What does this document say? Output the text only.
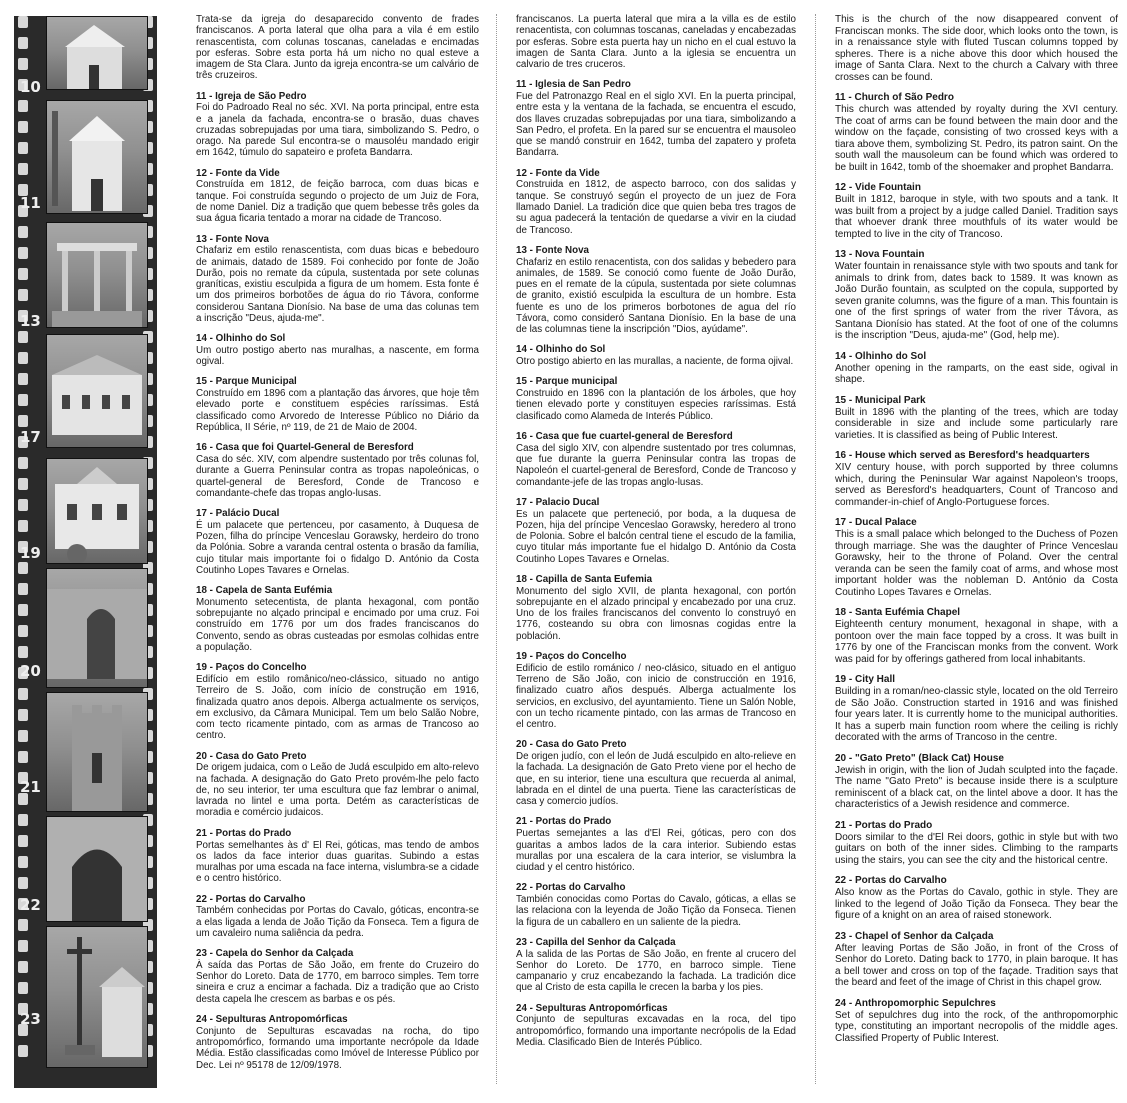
10
11
13
17
19
20
21
22
23
Trata-se da igreja do desaparecido convento de frades franciscanos. A porta lateral que olha para a vila é em estilo renascentista, com colunas toscanas, caneladas e encimadas por esferas. Sobre esta porta há um nicho no qual esteve a imagem de Sta Clara. Junto da igreja encontra-se um calvário de três cruzeiros.
11 - Igreja de São Pedro
Foi do Padroado Real no séc. XVI. Na porta principal, entre esta e a janela da fachada, encontra-se o brasão, duas chaves cruzadas sobrepujadas por uma tiara, simbolizando S. Pedro, o orago. Na parede Sul encontra-se o mausoléu mandado erigir em 1642, túmulo do sapateiro e profeta Bandarra.
12 - Fonte da Vide
Construída em 1812, de feição barroca, com duas bicas e tanque. Foi construída segundo o projecto de um Juiz de Fora, de nome Daniel. Diz a tradição que quem bebesse três goles da sua água ficaria tentado a morar na cidade de Trancoso.
13 - Fonte Nova
Chafariz em estilo renascentista, com duas bicas e bebedouro de animais, datado de 1589. Foi conhecido por fonte de João Durão, pois no remate da cúpula, sustentada por sete colunas graníticas, existiu esculpida a figura de um homem. Esta fonte é um dos primeiros borbotões de água do rio Távora, conforme considerou Santana Dionísio. Na base de uma das colunas tem a inscrição "Deus, ajuda-me".
14 - Olhinho do Sol
Um outro postigo aberto nas muralhas, a nascente, em forma ogival.
15 - Parque Municipal
Construído em 1896 com a plantação das árvores, que hoje têm elevado porte e constituem espécies raríssimas. Está classificado como Arvoredo de Interesse Público no Diário da República, II Série, nº 119, de 21 de Maio de 2004.
16 - Casa que foi Quartel-General de Beresford
Casa do séc. XIV, com alpendre sustentado por três colunas fol, durante a Guerra Peninsular contra as tropas napoleónicas, o quartel-general de Beresford, Conde de Trancoso e comandante-chefe das tropas anglo-lusas.
17 - Palácio Ducal
É um palacete que pertenceu, por casamento, à Duquesa de Pozen, filha do príncipe Venceslau Gorawsky, herdeiro do trono da Polónia. Sobre a varanda central ostenta o brasão da família, cujo titular mais importante foi o fidalgo D. António da Costa Coutinho Lopes Tavares e Ornelas.
18 - Capela de Santa Eufémia
Monumento setecentista, de planta hexagonal, com pontão sobrepujante no alçado principal e encimado por uma cruz. Foi construído em 1776 por um dos frades franciscanos do Convento, sendo as obras custeadas por esmolas colhidas entre a população.
19 - Paços do Concelho
Edifício em estilo românico/neo-clássico, situado no antigo Terreiro de S. João, com início de construção em 1916, finalizada quatro anos depois. Alberga actualmente os serviços, em exclusivo, da Câmara Municipal. Tem um belo Salão Nobre, com tecto ricamente pintado, com as armas de Trancoso ao centro.
20 - Casa do Gato Preto
De origem judaica, com o Leão de Judá esculpido em alto-relevo na fachada. A designação do Gato Preto provém-lhe pelo facto de, no seu interior, ter uma escultura que faz lembrar o animal, lavrada no lintel e uma porta. Detém as características de moradia e comércio judaicos.
21 - Portas do Prado
Portas semelhantes às d' El Rei, góticas, mas tendo de ambos os lados da face interior duas guaritas. Subindo a estas muralhas por uma escada na face interna, vislumbra-se a cidade e o centro histórico.
22 - Portas do Carvalho
Também conhecidas por Portas do Cavalo, góticas, encontra-se a elas ligada a lenda de João Tição da Fonseca. Tem a figura de um cavaleiro numa saliência da pedra.
23 - Capela do Senhor da Calçada
À saída das Portas de São João, em frente do Cruzeiro do Senhor do Loreto. Data de 1770, em barroco simples. Tem torre sineira e cruz a encimar a fachada. Diz a tradição que ao Cristo desta capela lhe crescem as barbas e os pés.
24 - Sepulturas Antropomórficas
Conjunto de Sepulturas escavadas na rocha, do tipo antropomórfico, formando uma importante necrópole da Idade Média. Estão classificadas como Imóvel de Interesse Público por Dec. Lei nº 95178 de 12/09/1978.
franciscanos. La puerta lateral que mira a la villa es de estilo renacentista, con columnas toscanas, caneladas y encabezadas por esferas. Sobre esta puerta hay un nicho en el cual estuvo la imagen de Santa Clara. Junto a la iglesia se encuentra un calvario de tres cruceros.
11 - Iglesia de San Pedro
Fue del Patronazgo Real en el siglo XVI. En la puerta principal, entre esta y la ventana de la fachada, se encuentra el escudo, dos llaves cruzadas sobrepujadas por una tiara, simbolizando a San Pedro, el profeta. En la pared sur se encuentra el mausoleo que se mandó construir en 1642, tumba del zapatero y profeta Bandarra.
12 - Fonte da Vide
Construida en 1812, de aspecto barroco, con dos salidas y tanque. Se construyó según el proyecto de un juez de Fora llamado Daniel. La tradición dice que quien beba tres tragos de su agua padecerá la tentación de quedarse a vivir en la ciudad de Trancoso.
13 - Fonte Nova
Chafariz en estilo renacentista, con dos salidas y bebedero para animales, de 1589. Se conoció como fuente de João Durão, pues en el remate de la cúpula, sustentada por siete columnas de granito, existió esculpida la escultura de un hombre. Esta fuente es uno de los primeros borbotones de agua del río Távora, como consideró Santana Dionísio. En la base de una de las columnas tiene la inscripción "Dios, ayúdame".
14 - Olhinho do Sol
Otro postigo abierto en las murallas, a naciente, de forma ojival.
15 - Parque municipal
Construido en 1896 con la plantación de los árboles, que hoy tienen elevado porte y constituyen especies raríssimas. Está clasificado como Alameda de Interés Público.
16 - Casa que fue cuartel-general de Beresford
Casa del siglo XIV, con alpendre sustentado por tres columnas, que fue durante la guerra Peninsular contra las tropas de Napoleón el cuartel-general de Beresford, Conde de Trancoso y comandante-jefe de las tropas anglo-lusas.
17 - Palacio Ducal
Es un palacete que perteneció, por boda, a la duquesa de Pozen, hija del príncipe Venceslao Gorawsky, heredero al trono de Polonia. Sobre el balcón central tiene el escudo de la familia, cuyo titular más importante fue el hidalgo D. António da Costa Coutinho Lopes Tavares e Ornelas.
18 - Capilla de Santa Eufemia
Monumento del siglo XVII, de planta hexagonal, con portón sobrepujante en el alzado principal y encabezado por una cruz. Uno de los frailes franciscanos del convento lo construyó en 1776, costeando su obra con limosnas cogidas entre la población.
19 - Paços do Concelho
Edificio de estilo románico / neo-clásico, situado en el antiguo Terreno de São João, con inicio de construcción en 1916, finalizado cuatro años después. Alberga actualmente los servicios, en exclusivo, del ayuntamiento. Tiene un Salón Noble, con un techo ricamente pintado, con las armas de Trancoso en el centro.
20 - Casa do Gato Preto
De origen judío, con el león de Judá esculpido en alto-relieve en la fachada. La designación de Gato Preto viene por el hecho de que, en su interior, tiene una escultura que recuerda al animal, labrada en el dintel de una puerta. Tiene las características de casa y comercio judíos.
21 - Portas do Prado
Puertas semejantes a las d'El Rei, góticas, pero con dos guaritas a ambos lados de la cara interior. Subiendo estas murallas por una escalera de la cara interior, se vislumbra la ciudad y el centro histórico.
22 - Portas do Carvalho
También conocidas como Portas do Cavalo, góticas, a ellas se las relaciona con la leyenda de João Tição da Fonseca. Tienen la figura de un caballero en un saliente de la piedra.
23 - Capilla del Senhor da Calçada
A la salida de las Portas de São João, en frente al crucero del Senhor do Loreto. De 1770, en barroco simple. Tiene campanario y cruz encabezando la fachada. La tradición dice que al Cristo de esta capilla le crecen la barba y los pies.
24 - Sepulturas Antropomórficas
Conjunto de sepulturas excavadas en la roca, del tipo antropomórfico, formando una importante necrópolis de la Edad Media. Clasificado Bien de Interés Público.
This is the church of the now disappeared convent of Franciscan monks. The side door, which looks onto the town, is in a renaissance style with fluted Tuscan columns topped by spheres. There is a niche above this door which housed the image of Santa Clara. Next to the church a Calvary with three crosses can be found.
11 - Church of São Pedro
This church was attended by royalty during the XVI century. The coat of arms can be found between the main door and the window on the façade, consisting of two crossed keys with a tiara above them, symbolizing St. Pedro, its patron saint. On the south wall the mausoleum can be found which was ordered to be built in 1642, tomb of the shoemaker and prophet Bandarra.
12 - Vide Fountain
Built in 1812, baroque in style, with two spouts and a tank. It was built from a project by a judge called Daniel. Tradition says that whoever drank three mouthfuls of its water would be tempted to live in the city of Trancoso.
13 - Nova Fountain
Water fountain in renaissance style with two spouts and tank for animals to drink from, dates back to 1589. It was known as João Durão fountain, as sculpted on the copula, supported by seven granite columns, was the figure of a man. This fountain is one of the first springs of water from the river Távora, as Santana Dionísio has stated. At the foot of one of the columns is the inscription "Deus, ajuda-me" (God, help me).
14 - Olhinho do Sol
Another opening in the ramparts, on the east side, ogival in shape.
15 - Municipal Park
Built in 1896 with the planting of the trees, which are today considerable in size and include some particularly rare varieties. It is classified as being of Public Interest.
16 - House which served as Beresford's headquarters
XIV century house, with porch supported by three columns which, during the Peninsular War against Napoleon's troops, served as Beresford's headquarters, Count of Trancoso and commander-in-chief of Anglo-Portuguese forces.
17 - Ducal Palace
This is a small palace which belonged to the Duchess of Pozen through marriage. She was the daughter of Prince Venceslau Gorawsky, heir to the throne of Poland. Over the central veranda can be seen the family coat of arms, and whose most important holder was the nobleman D. António da Costa Coutinho Lopes Tavares e Ornelas.
18 - Santa Eufémia Chapel
Eighteenth century monument, hexagonal in shape, with a pontoon over the main face topped by a cross. It was built in 1776 by one of the Franciscan monks from the convent. Work was paid for by offerings gathered from local inhabitants.
19 - City Hall
Building in a roman/neo-classic style, located on the old Terreiro de São João. Construction started in 1916 and was finished four years later. It is currently home to the municipal authorities. It has a superb main function room where the ceiling is richly decorated with the arms of Trancoso in the centre.
20 - "Gato Preto" (Black Cat) House
Jewish in origin, with the lion of Judah sculpted into the façade. The name "Gato Preto" is because inside there is a sculpture reminiscent of a black cat, on the lintel above a door. It has the characteristics of a Jewish residence and commerce.
21 - Portas do Prado
Doors similar to the d'El Rei doors, gothic in style but with two guitars on both of the inner sides. Climbing to the ramparts using the stairs, you can see the city and the historical centre.
22 - Portas do Carvalho
Also know as the Portas do Cavalo, gothic in style. They are linked to the legend of João Tição da Fonseca. They bear the figure of a knight on an area of raised stonework.
23 - Chapel of Senhor da Calçada
After leaving Portas de São João, in front of the Cross of Senhor do Loreto. Dating back to 1770, in plain baroque. It has a bell tower and cross on top of the façade. Tradition says that the beard and feet of the image of Christ in this chapel grow.
24 - Anthropomorphic Sepulchres
Set of sepulchres dug into the rock, of the anthropomorphic type, constituting an important necropolis of the middle ages. Classified Property of Public Interest.
